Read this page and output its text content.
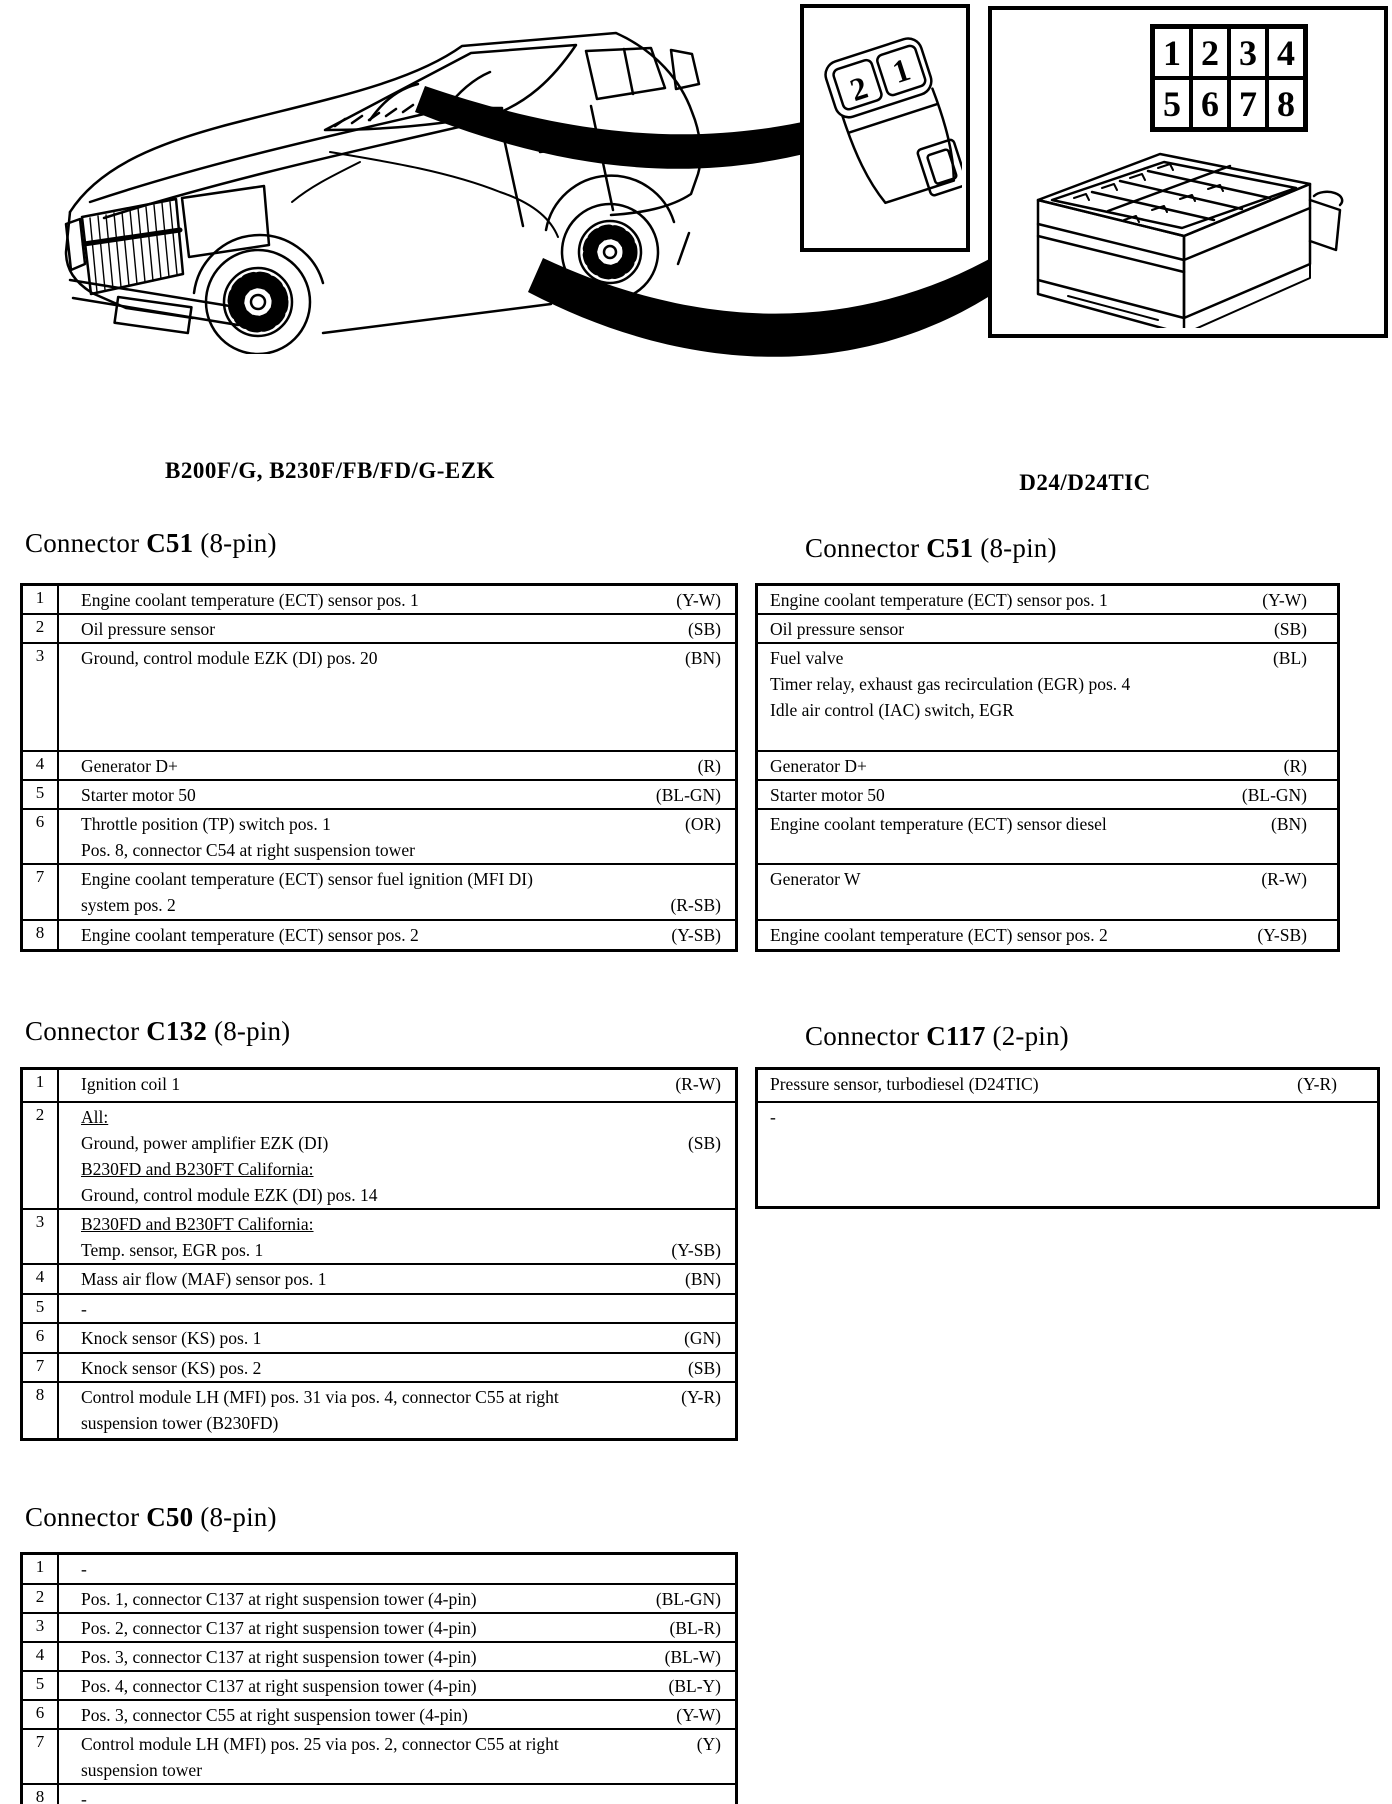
2 1	1 2 3 4
5 6 7 8
B200F/G, B230F/FB/FD/G-EZK	D24/D24TIC
Connector C51 (8-pin)	Connector C51 (8-pin)
Connector C132 (8-pin)	Connector C117 (2-pin)
Connector C50 (8-pin)
1	Engine coolant temperature (ECT) sensor pos. 1	(Y-W)
2	Oil pressure sensor	(SB)
3	Ground, control module EZK (DI) pos. 20	(BN)
4	Generator D+	(R)
5	Starter motor 50	(BL-GN)
6	Throttle position (TP) switch pos. 1	(OR)
Pos. 8, connector C54 at right suspension tower
7	Engine coolant temperature (ECT) sensor fuel ignition (MFI DI)
system pos. 2	(R-SB)
8	Engine coolant temperature (ECT) sensor pos. 2	(Y-SB)
Engine coolant temperature (ECT) sensor pos. 1	(Y-W)
Oil pressure sensor	(SB)
Fuel valve	(BL)
Timer relay, exhaust gas recirculation (EGR) pos. 4
Idle air control (IAC) switch, EGR
Generator D+	(R)
Starter motor 50	(BL-GN)
Engine coolant temperature (ECT) sensor diesel	(BN)
Generator W	(R-W)
Engine coolant temperature (ECT) sensor pos. 2	(Y-SB)
1	Ignition coil 1	(R-W)
2	All:
Ground, power amplifier EZK (DI)	(SB)
B230FD and B230FT California:
Ground, control module EZK (DI) pos. 14
3	B230FD and B230FT California:
Temp. sensor, EGR pos. 1	(Y-SB)
4	Mass air flow (MAF) sensor pos. 1	(BN)
5	-
6	Knock sensor (KS) pos. 1	(GN)
7	Knock sensor (KS) pos. 2	(SB)
8	Control module LH (MFI) pos. 31 via pos. 4, connector C55 at right	(Y-R)
suspension tower (B230FD)
Pressure sensor, turbodiesel (D24TIC)	(Y-R)
-
1	-
2	Pos. 1, connector C137 at right suspension tower (4-pin)	(BL-GN)
3	Pos. 2, connector C137 at right suspension tower (4-pin)	(BL-R)
4	Pos. 3, connector C137 at right suspension tower (4-pin)	(BL-W)
5	Pos. 4, connector C137 at right suspension tower (4-pin)	(BL-Y)
6	Pos. 3, connector C55 at right suspension tower (4-pin)	(Y-W)
7	Control module LH (MFI) pos. 25 via pos. 2, connector C55 at right	(Y)
suspension tower
8	-
